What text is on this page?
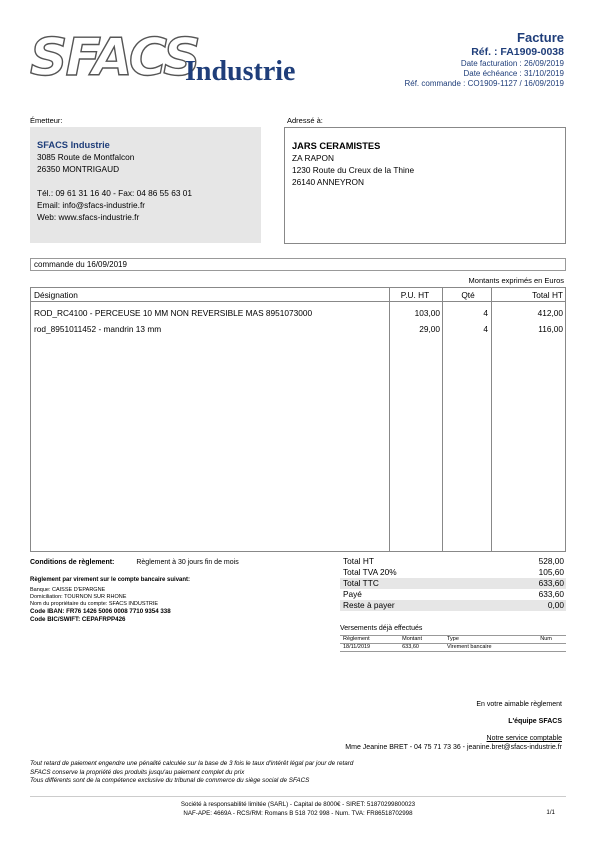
SFACS
Industrie
Facture
Réf. : FA1909-0038
Date facturation : 26/09/2019
Date échéance : 31/10/2019
Réf. commande : CO1909-1127 / 16/09/2019
Émetteur:	Adressé à:
SFACS Industrie
3085 Route de Montfalcon
26350 MONTRIGAUD
Tél.: 09 61 31 16 40 - Fax: 04 86 55 63 01
Email: info@sfacs-industrie.fr
Web: www.sfacs-industrie.fr
JARS CERAMISTES
ZA RAPON
1230 Route du Creux de la Thine
26140 ANNEYRON
commande du 16/09/2019
Montants exprimés en Euros
Désignation	P.U. HT	Qté	Total HT
ROD_RC4100 - PERCEUSE 10 MM NON REVERSIBLE MAS 8951073000	103,00	4	412,00
rod_8951011452 - mandrin 13 mm	29,00	4	116,00
Conditions de règlement:	Règlement à 30 jours fin de mois
Règlement par virement sur le compte bancaire suivant:
Banque: CAISSE D'EPARGNE
Domiciliation: TOURNON SUR RHONE
Nom du propriétaire du compte: SFACS INDUSTRIE
Code IBAN: FR76 1426 5006 0008 7710 9354 338
Code BIC/SWIFT: CEPAFRPP426
Total HT	528,00
Total TVA 20%	105,60
Total TTC	633,60
Payé	633,60
Reste à payer	0,00
Versements déjà effectués
Règlement	Montant	Type	Num
18/11/2019	633,60	Virement bancaire	
En votre aimable règlement
L'équipe SFACS
Notre service comptable
Mme Jeanine BRET - 04 75 71 73 36 - jeanine.bret@sfacs-industrie.fr
Tout retard de paiement engendre une pénalité calculée sur la base de 3 fois le taux d'intérêt légal par jour de retard
SFACS conserve la propriété des produits jusqu'au paiement complet du prix
Tous différents sont de la compétence exclusive du tribunal de commerce du siège social de SFACS
Société à responsabilité limitée (SARL) - Capital de 8000€ - SIRET: 51870299800023
NAF-APE: 4669A - RCS/RM: Romans B 518 702 998 - Num. TVA: FR86518702998	1/1
